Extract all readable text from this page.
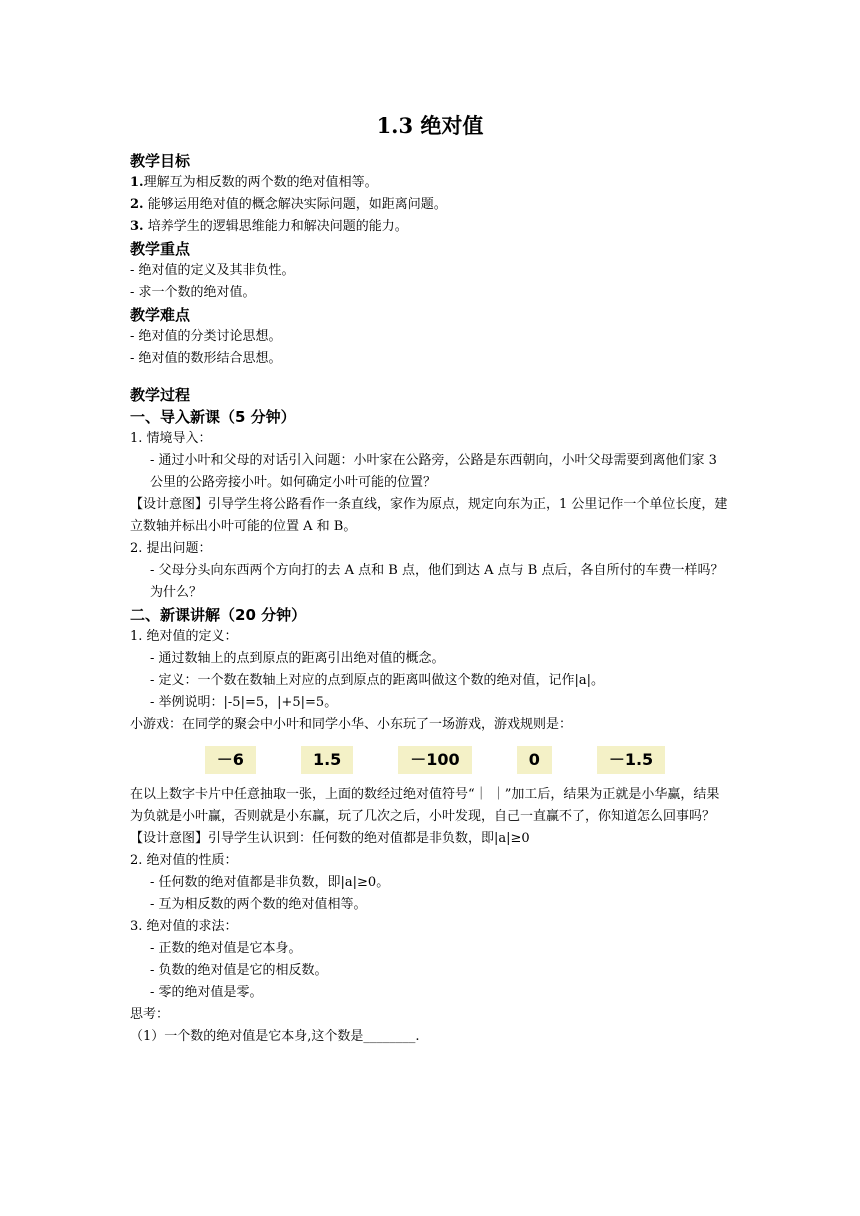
1.3 绝对值
教学目标

1.理解互为相反数的两个数的绝对值相等。

2. 能够运用绝对值的概念解决实际问题，如距离问题。

3. 培养学生的逻辑思维能力和解决问题的能力。

教学重点

- 绝对值的定义及其非负性。

- 求一个数的绝对值。

教学难点

- 绝对值的分类讨论思想。

- 绝对值的数形结合思想。

教学过程
一、导入新课（5 分钟）

1. 情境导入：

- 通过小叶和父母的对话引入问题：小叶家在公路旁，公路是东西朝向，小叶父母需要到离他们家 3 公里的公路旁接小叶。如何确定小叶可能的位置？

【设计意图】引导学生将公路看作一条直线，家作为原点，规定向东为正，1 公里记作一个单位长度，建立数轴并标出小叶可能的位置 A 和 B。

2. 提出问题：

- 父母分头向东西两个方向打的去 A 点和 B 点，他们到达 A 点与 B 点后，各自所付的车费一样吗？为什么？

二、新课讲解（20 分钟）

1. 绝对值的定义：

- 通过数轴上的点到原点的距离引出绝对值的概念。

- 定义：一个数在数轴上对应的点到原点的距离叫做这个数的绝对值，记作|a|。

- 举例说明：|-5|=5，|+5|=5。

小游戏：在同学的聚会中小叶和同学小华、小东玩了一场游戏，游戏规则是：

－6	1.5	－100	0	－1.5

在以上数字卡片中任意抽取一张，上面的数经过绝对值符号“｜ ｜”加工后，结果为正就是小华赢，结果为负就是小叶赢，否则就是小东赢，玩了几次之后，小叶发现，自己一直赢不了，你知道怎么回事吗？

【设计意图】引导学生认识到：任何数的绝对值都是非负数，即|a|≥0

2. 绝对值的性质：

- 任何数的绝对值都是非负数，即|a|≥0。

- 互为相反数的两个数的绝对值相等。

3. 绝对值的求法：

- 正数的绝对值是它本身。

- 负数的绝对值是它的相反数。

- 零的绝对值是零。

思考：

（1）一个数的绝对值是它本身,这个数是________.
